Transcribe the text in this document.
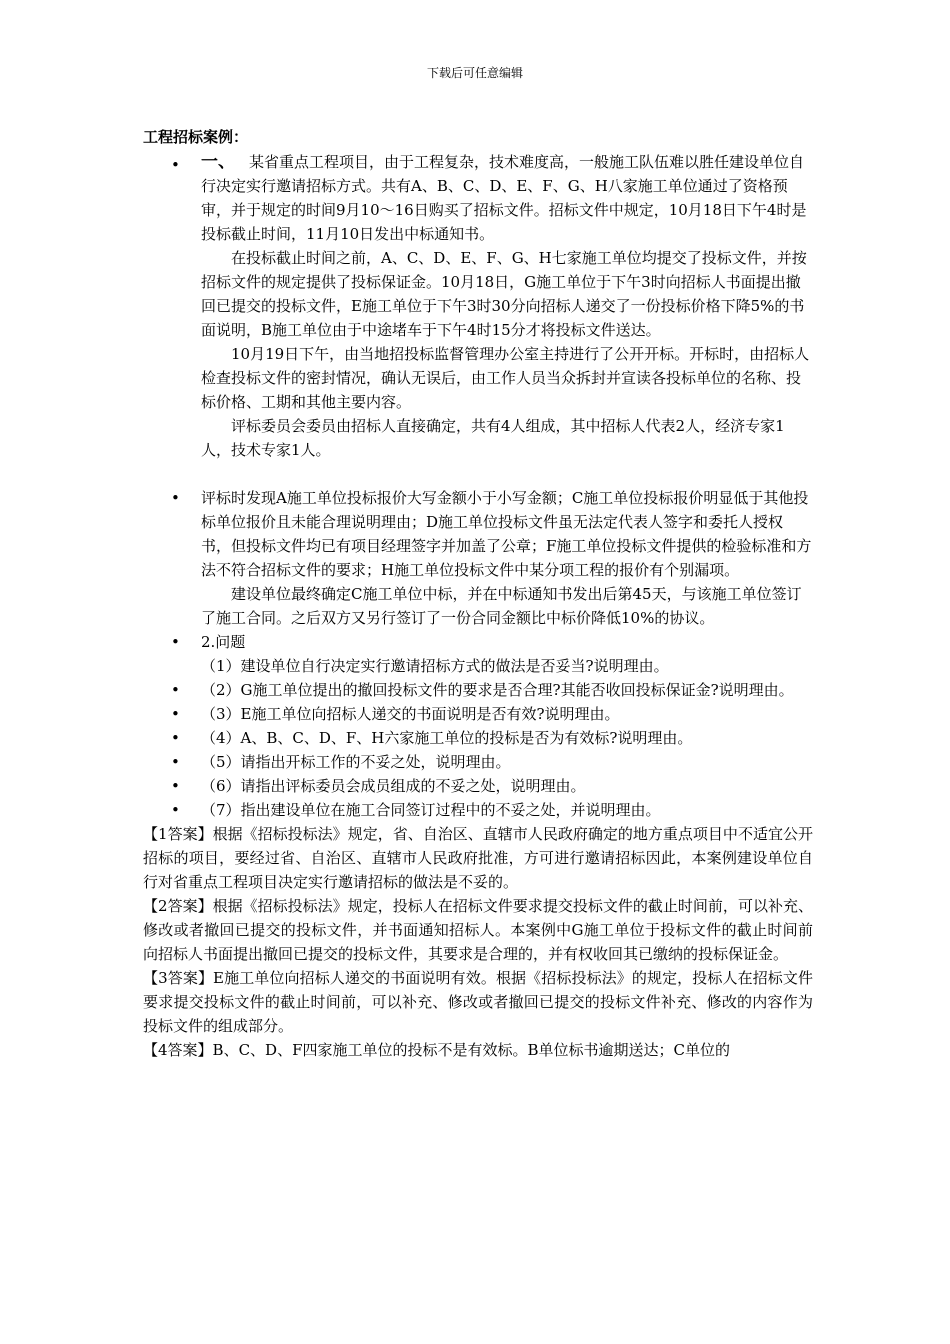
下载后可任意编辑
工程招标案例：
• 一、 某省重点工程项目，由于工程复杂，技术难度高，一般施工队伍难以胜任建设单位自行决定实行邀请招标方式。共有A、B、C、D、E、F、G、H八家施工单位通过了资格预审，并于规定的时间9月10～16日购买了招标文件。招标文件中规定，10月18日下午4时是投标截止时间，11月10日发出中标通知书。

在投标截止时间之前，A、C、D、E、F、G、H七家施工单位均提交了投标文件，并按招标文件的规定提供了投标保证金。10月18日，G施工单位于下午3时向招标人书面提出撤回已提交的投标文件，E施工单位于下午3时30分向招标人递交了一份投标价格下降5%的书面说明，B施工单位由于中途堵车于下午4时15分才将投标文件送达。

10月19日下午，由当地招投标监督管理办公室主持进行了公开开标。开标时，由招标人检查投标文件的密封情况，确认无误后，由工作人员当众拆封并宣读各投标单位的名称、投标价格、工期和其他主要内容。

评标委员会委员由招标人直接确定，共有4人组成，其中招标人代表2人，经济专家1人，技术专家1人。

• 评标时发现A施工单位投标报价大写金额小于小写金额；C施工单位投标报价明显低于其他投标单位报价且未能合理说明理由；D施工单位投标文件虽无法定代表人签字和委托人授权书，但投标文件均已有项目经理签字并加盖了公章；F施工单位投标文件提供的检验标准和方法不符合招标文件的要求；H施工单位投标文件中某分项工程的报价有个别漏项。

建设单位最终确定C施工单位中标，并在中标通知书发出后第45天，与该施工单位签订了施工合同。之后双方又另行签订了一份合同金额比中标价降低10%的协议。

• 2.问题

（1）建设单位自行决定实行邀请招标方式的做法是否妥当?说明理由。

• （2）G施工单位提出的撤回投标文件的要求是否合理?其能否收回投标保证金?说明理由。

• （3）E施工单位向招标人递交的书面说明是否有效?说明理由。

• （4）A、B、C、D、F、H六家施工单位的投标是否为有效标?说明理由。

• （5）请指出开标工作的不妥之处，说明理由。

• （6）请指出评标委员会成员组成的不妥之处，说明理由。

• （7）指出建设单位在施工合同签订过程中的不妥之处，并说明理由。

【1答案】根据《招标投标法》规定，省、自治区、直辖市人民政府确定的地方重点项目中不适宜公开招标的项目，要经过省、自治区、直辖市人民政府批准，方可进行邀请招标因此，本案例建设单位自行对省重点工程项目决定实行邀请招标的做法是不妥的。

【2答案】根据《招标投标法》规定，投标人在招标文件要求提交投标文件的截止时间前，可以补充、修改或者撤回已提交的投标文件，并书面通知招标人。本案例中G施工单位于投标文件的截止时间前向招标人书面提出撤回已提交的投标文件，其要求是合理的，并有权收回其已缴纳的投标保证金。

【3答案】E施工单位向招标人递交的书面说明有效。根据《招标投标法》的规定，投标人在招标文件要求提交投标文件的截止时间前，可以补充、修改或者撤回已提交的投标文件补充、修改的内容作为投标文件的组成部分。

【4答案】B、C、D、F四家施工单位的投标不是有效标。B单位标书逾期送达；C单位的
